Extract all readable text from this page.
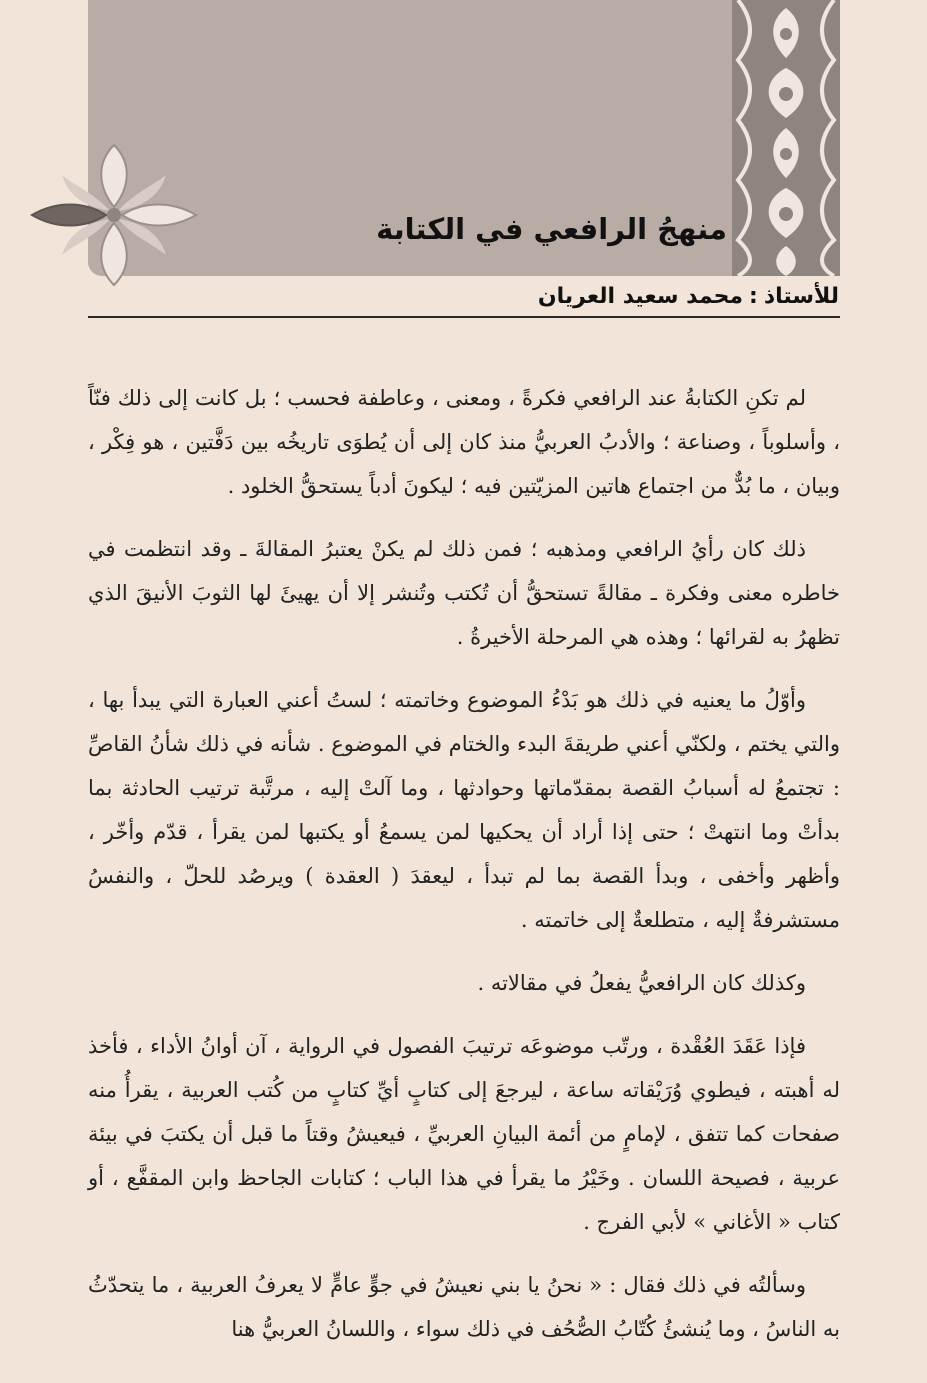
منهجُ الرافعي في الكتابة
للأستاذ:محمد سعيد العريان

لم تكنِ الكتابةُ عند الرافعي فكرةً ، ومعنى ، وعاطفة فحسب ؛ بل كانت إلى ذلك فنّاً ، وأسلوباً ، وصناعة ؛ والأدبُ العربيُّ منذ كان إلى أن يُطوَى تاريخُه بين دَفَّتين ، هو فِكْر ، وبيان ، ما بُدٌّ من اجتماع هاتين المزيّتين فيه ؛ ليكونَ أدباً يستحقُّ الخلود .

ذلك كان رأيُ الرافعي ومذهبه ؛ فمن ذلك لم يكنْ يعتبرُ المقالةَ ـ وقد انتظمت في خاطره معنى وفكرة ـ مقالةً تستحقُّ أن تُكتب وتُنشر إلا أن يهيئَ لها الثوبَ الأنيقَ الذي تظهرُ به لقرائها ؛ وهذه هي المرحلة الأخيرةُ .

وأوّلُ ما يعنيه في ذلك هو بَدْءُ الموضوع وخاتمته ؛ لستُ أعني العبارة التي يبدأ بها ، والتي يختم ، ولكنّي أعني طريقةَ البدء والختام في الموضوع . شأنه في ذلك شأنُ القاصِّ : تجتمعُ له أسبابُ القصة بمقدّماتها وحوادثها ، وما آلتْ إليه ، مرتَّبة ترتيب الحادثة بما بدأتْ وما انتهتْ ؛ حتى إذا أراد أن يحكيها لمن يسمعُ أو يكتبها لمن يقرأ ، قدّم وأخّر ، وأظهر وأخفى ، وبدأ القصة بما لم تبدأ ، ليعقدَ ( العقدة ) ويرصُد للحلّ ، والنفسُ مستشرفةٌ إليه ، متطلعةٌ إلى خاتمته .

وكذلك كان الرافعيُّ يفعلُ في مقالاته .

فإذا عَقَدَ العُقْدة ، ورتّب موضوعَه ترتيبَ الفصول في الرواية ، آن أوانُ الأداء ، فأخذ له أهبته ، فيطوي وُرَيْقاته ساعة ، ليرجعَ إلى كتابٍ أيِّ كتابٍ من كُتب العربية ، يقرأُ منه صفحات كما تتفق ، لإمامٍ من أئمة البيانِ العربيِّ ، فيعيشُ وقتاً ما قبل أن يكتبَ في بيئة عربية ، فصيحة اللسان . وخَيْرُ ما يقرأ في هذا الباب ؛ كتابات الجاحظ وابن المقفَّع ، أو كتاب « الأغاني » لأبي الفرج .

وسألتُه في ذلك فقال : « نحنُ يا بني نعيشُ في جوٍّ عامٍّ لا يعرفُ العربية ، ما يتحدّثُ به الناسُ ، وما يُنشئُ كُتّابُ الصُّحُف في ذلك سواء ، واللسانُ العربيُّ هنا
